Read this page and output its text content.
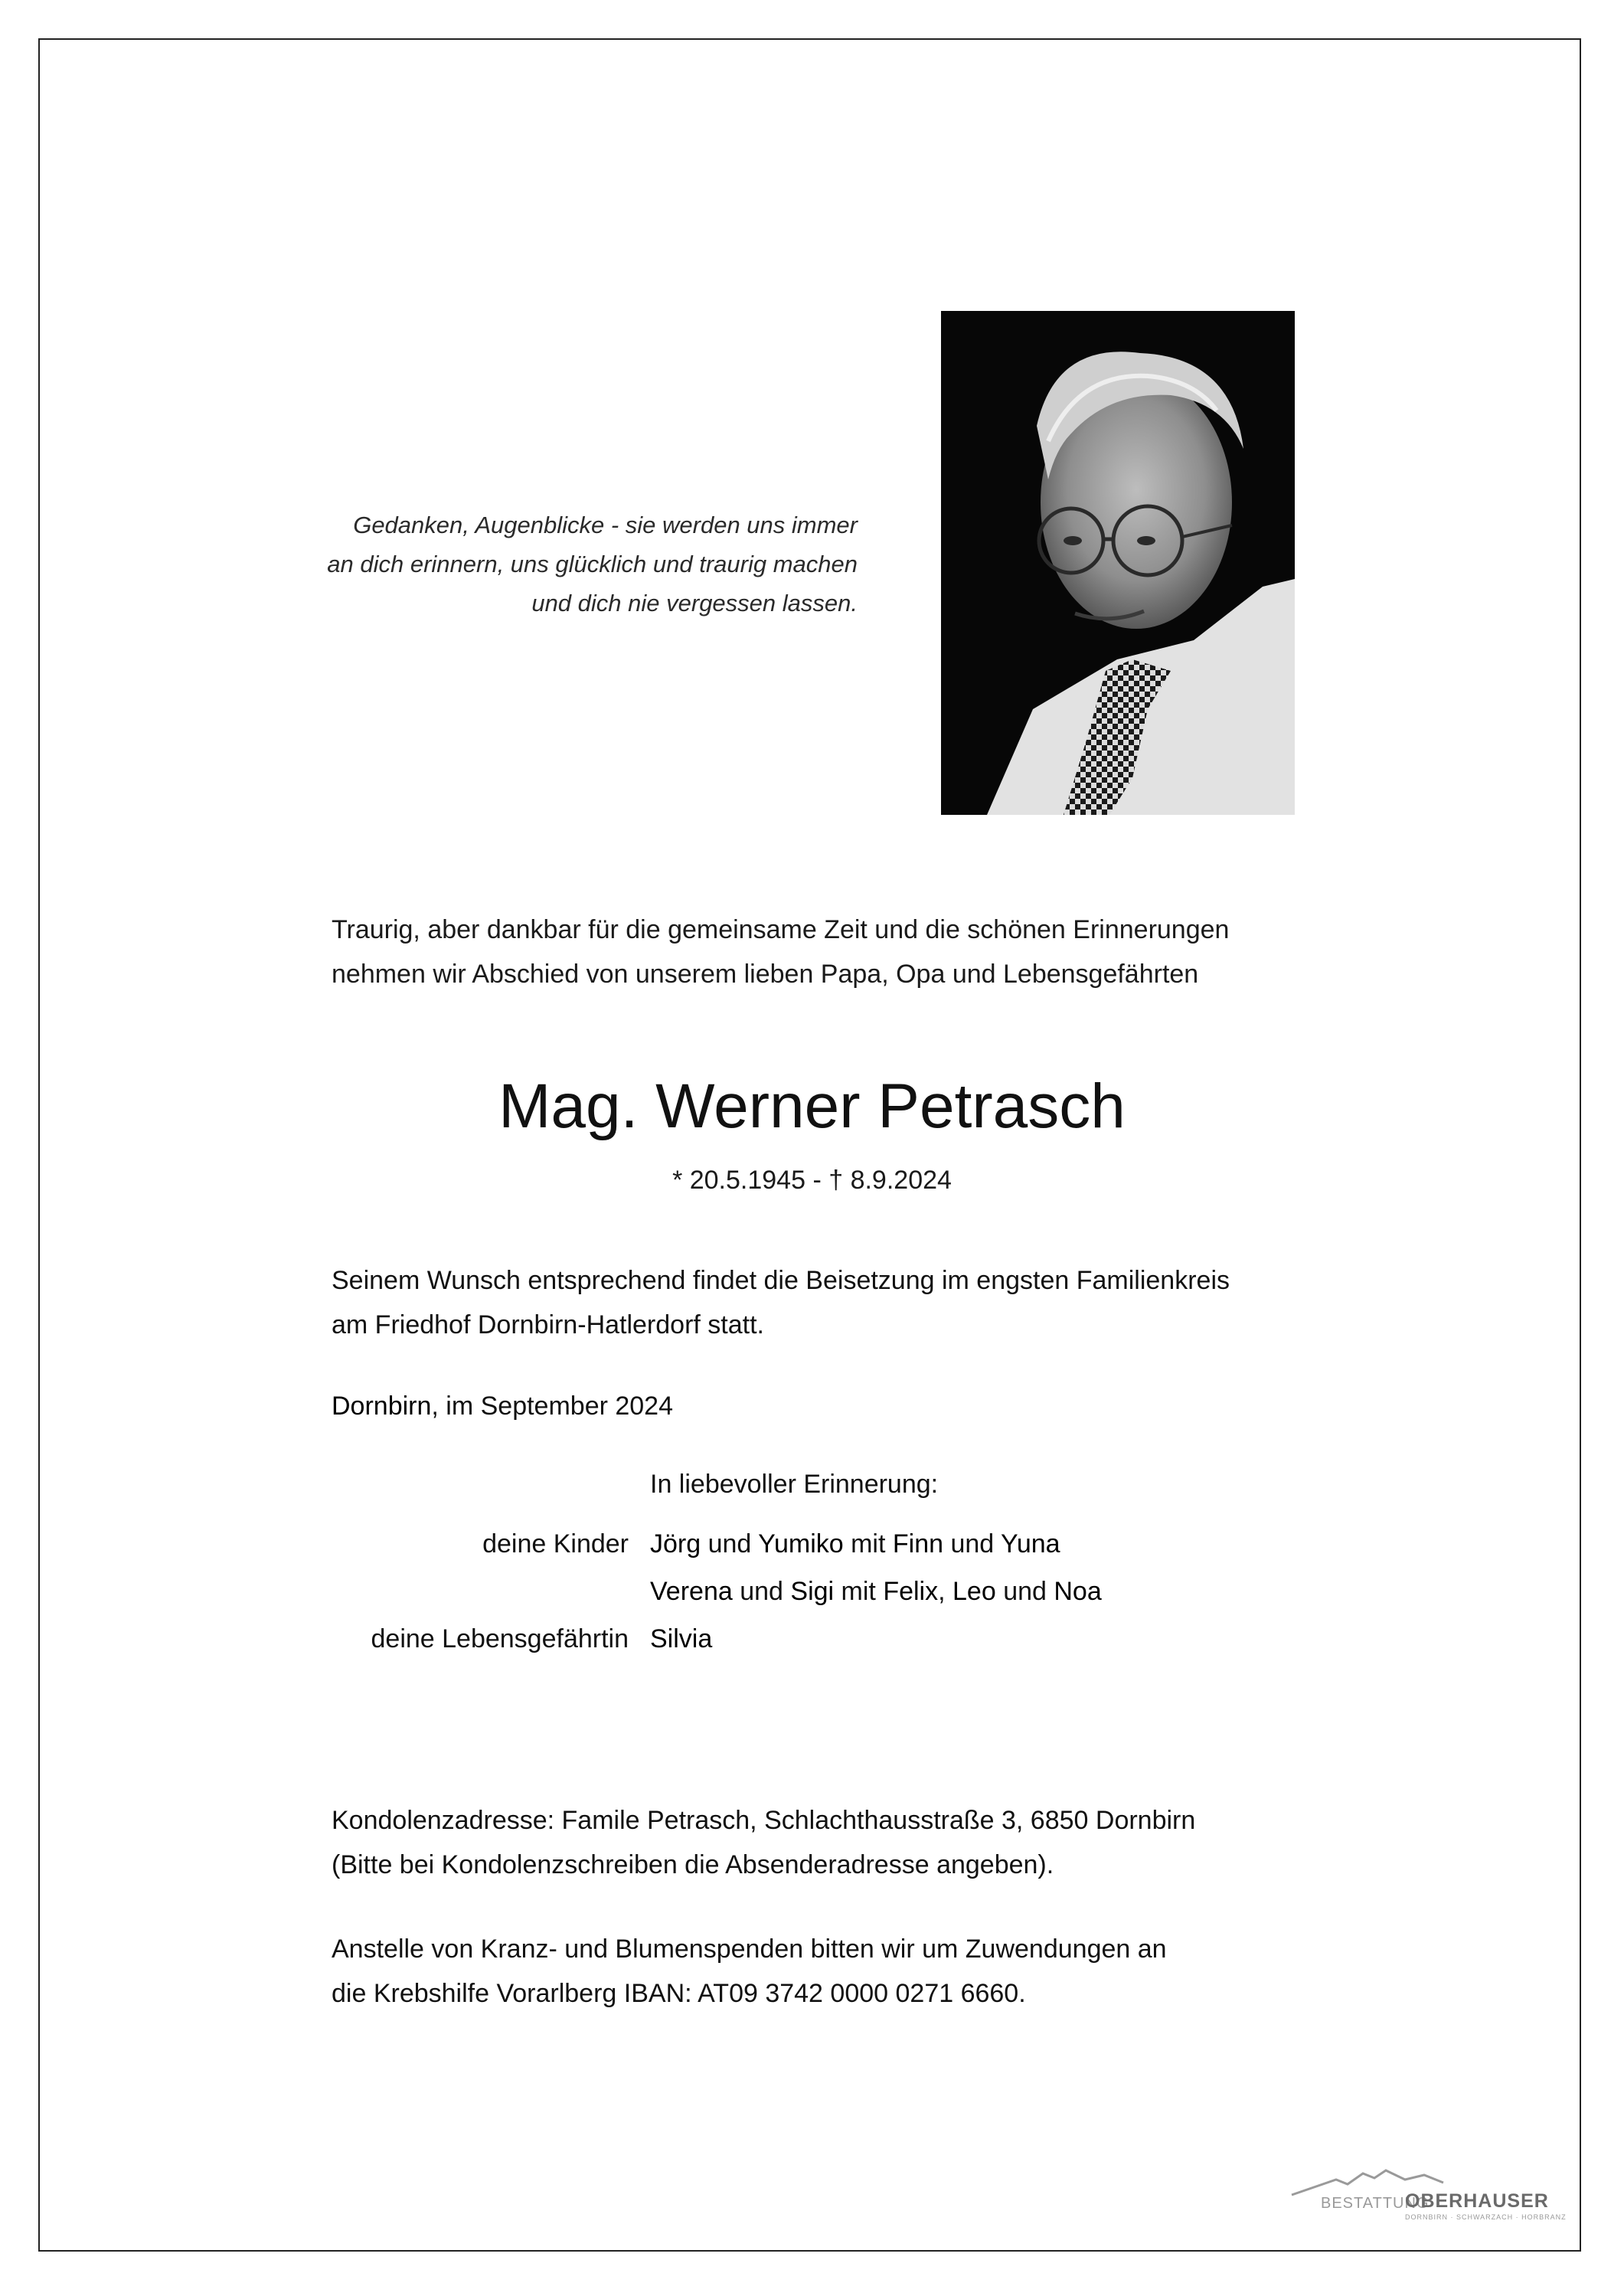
Gedanken, Augenblicke - sie werden uns immer
an dich erinnern, uns glücklich und traurig machen
und dich nie vergessen lassen.
Traurig, aber dankbar für die gemeinsame Zeit und die schönen Erinnerungen
nehmen wir Abschied von unserem lieben Papa, Opa und Lebensgefährten
Mag. Werner Petrasch
* 20.5.1945 - † 8.9.2024
Seinem Wunsch entsprechend findet die Beisetzung im engsten Familienkreis
am Friedhof Dornbirn-Hatlerdorf statt.
Dornbirn, im September 2024
In liebevoller Erinnerung:
deine Kinder Jörg und Yumiko mit Finn und Yuna
Verena und Sigi mit Felix, Leo und Noa
deine Lebensgefährtin Silvia
Kondolenzadresse: Famile Petrasch, Schlachthausstraße 3, 6850 Dornbirn
(Bitte bei Kondolenzschreiben die Absenderadresse angeben).
Anstelle von Kranz- und Blumenspenden bitten wir um Zuwendungen an
die Krebshilfe Vorarlberg IBAN: AT09 3742 0000 0271 6660.
BESTATTUNG
OBERHAUSER
DORNBIRN · SCHWARZACH · HORBRANZ
